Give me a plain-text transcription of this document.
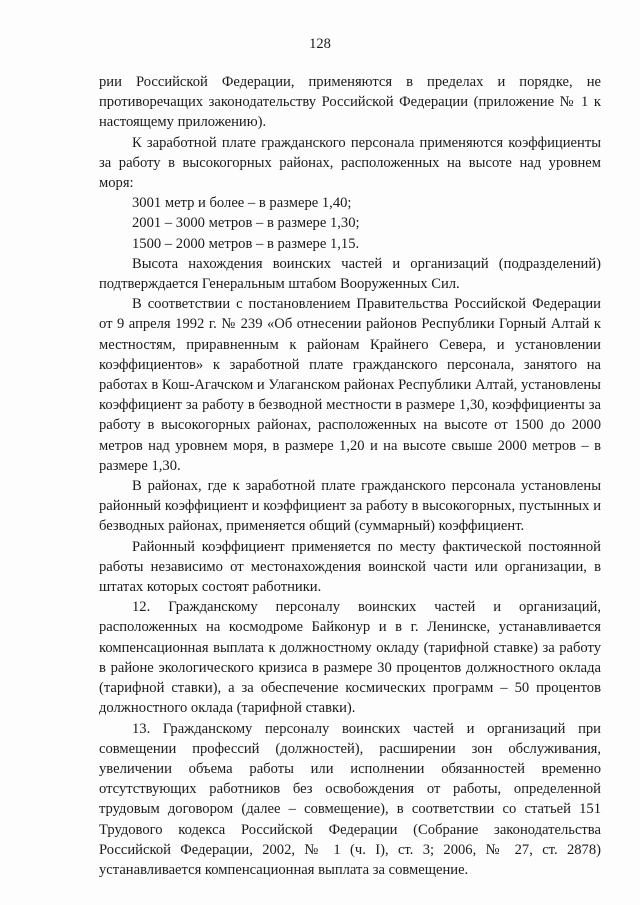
128

рии Российской Федерации, применяются в пределах и порядке, не противоречащих законодательству Российской Федерации (приложение № 1 к настоящему приложению).

К заработной плате гражданского персонала применяются коэффициенты за работу в высокогорных районах, расположенных на высоте над уровнем моря:

3001 метр и более – в размере 1,40;

2001 – 3000 метров – в размере 1,30;

1500 – 2000 метров – в размере 1,15.

Высота нахождения воинских частей и организаций (подразделений) подтверждается Генеральным штабом Вооруженных Сил.

В соответствии с постановлением Правительства Российской Федерации от 9 апреля 1992 г. № 239 «Об отнесении районов Республики Горный Алтай к местностям, приравненным к районам Крайнего Севера, и установлении коэффициентов» к заработной плате гражданского персонала, занятого на работах в Кош-Агачском и Улаганском районах Республики Алтай, установлены коэффициент за работу в безводной местности в размере 1,30, коэффициенты за работу в высокогорных районах, расположенных на высоте от 1500 до 2000 метров над уровнем моря, в размере 1,20 и на высоте свыше 2000 метров – в размере 1,30.

В районах, где к заработной плате гражданского персонала установлены районный коэффициент и коэффициент за работу в высокогорных, пустынных и безводных районах, применяется общий (суммарный) коэффициент.

Районный коэффициент применяется по месту фактической постоянной работы независимо от местонахождения воинской части или организации, в штатах которых состоят работники.

12. Гражданскому персоналу воинских частей и организаций, расположенных на космодроме Байконур и в г. Ленинске, устанавливается компенсационная выплата к должностному окладу (тарифной ставке) за работу в районе экологического кризиса в размере 30 процентов должностного оклада (тарифной ставки), а за обеспечение космических программ – 50 процентов должностного оклада (тарифной ставки).

13. Гражданскому персоналу воинских частей и организаций при совмещении профессий (должностей), расширении зон обслуживания, увеличении объема работы или исполнении обязанностей временно отсутствующих работников без освобождения от работы, определенной трудовым договором (далее – совмещение), в соответствии со статьей 151 Трудового кодекса Российской Федерации (Собрание законодательства Российской Федерации, 2002, № 1 (ч. I), ст. 3; 2006, № 27, ст. 2878) устанавливается компенсационная выплата за совмещение.
